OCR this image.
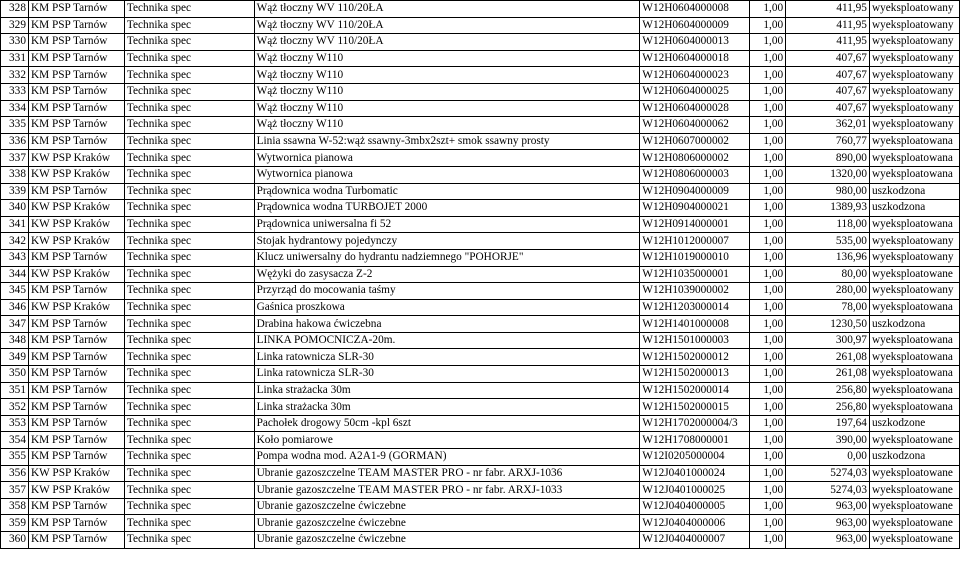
328	KM PSP Tarnów	Technika spec	Wąż tłoczny WV 110/20ŁA	W12H0604000008	1,00	411,95	wyeksploatowany
329	KM PSP Tarnów	Technika spec	Wąż tłoczny WV 110/20ŁA	W12H0604000009	1,00	411,95	wyeksploatowany
330	KM PSP Tarnów	Technika spec	Wąż tłoczny WV 110/20ŁA	W12H0604000013	1,00	411,95	wyeksploatowany
331	KM PSP Tarnów	Technika spec	Wąż tłoczny W110	W12H0604000018	1,00	407,67	wyeksploatowany
332	KM PSP Tarnów	Technika spec	Wąż tłoczny W110	W12H0604000023	1,00	407,67	wyeksploatowany
333	KM PSP Tarnów	Technika spec	Wąż tłoczny W110	W12H0604000025	1,00	407,67	wyeksploatowany
334	KM PSP Tarnów	Technika spec	Wąż tłoczny W110	W12H0604000028	1,00	407,67	wyeksploatowany
335	KM PSP Tarnów	Technika spec	Wąż tłoczny W110	W12H0604000062	1,00	362,01	wyeksploatowany
336	KM PSP Tarnów	Technika spec	Linia ssawna W-52:wąż ssawny-3mbx2szt+ smok ssawny prosty	W12H0607000002	1,00	760,77	wyeksploatowana
337	KW PSP Kraków	Technika spec	Wytwornica pianowa	W12H0806000002	1,00	890,00	wyeksploatowana
338	KW PSP Kraków	Technika spec	Wytwornica pianowa	W12H0806000003	1,00	1320,00	wyeksploatowana
339	KM PSP Tarnów	Technika spec	Prądownica wodna Turbomatic	W12H0904000009	1,00	980,00	uszkodzona
340	KW PSP Kraków	Technika spec	Prądownica wodna TURBOJET 2000	W12H0904000021	1,00	1389,93	uszkodzona
341	KW PSP Kraków	Technika spec	Prądownica uniwersalna fi 52	W12H0914000001	1,00	118,00	wyeksploatowana
342	KW PSP Kraków	Technika spec	Stojak hydrantowy pojedynczy	W12H1012000007	1,00	535,00	wyeksploatowany
343	KM PSP Tarnów	Technika spec	Klucz uniwersalny do hydrantu nadziemnego "POHORJE"	W12H1019000010	1,00	136,96	wyeksploatowany
344	KW PSP Kraków	Technika spec	Wężyki do zasysacza Z-2	W12H1035000001	1,00	80,00	wyeksploatowane
345	KM PSP Tarnów	Technika spec	Przyrząd do mocowania taśmy	W12H1039000002	1,00	280,00	wyeksploatowany
346	KW PSP Kraków	Technika spec	Gaśnica proszkowa	W12H1203000014	1,00	78,00	wyeksploatowana
347	KM PSP Tarnów	Technika spec	Drabina hakowa ćwiczebna	W12H1401000008	1,00	1230,50	uszkodzona
348	KM PSP Tarnów	Technika spec	LINKA POMOCNICZA-20m.	W12H1501000003	1,00	300,97	wyeksploatowana
349	KM PSP Tarnów	Technika spec	Linka ratownicza SLR-30	W12H1502000012	1,00	261,08	wyeksploatowana
350	KM PSP Tarnów	Technika spec	Linka ratownicza SLR-30	W12H1502000013	1,00	261,08	wyeksploatowana
351	KM PSP Tarnów	Technika spec	Linka strażacka 30m	W12H1502000014	1,00	256,80	wyeksploatowana
352	KM PSP Tarnów	Technika spec	Linka strażacka 30m	W12H1502000015	1,00	256,80	wyeksploatowana
353	KM PSP Tarnów	Technika spec	Pachołek drogowy 50cm -kpl 6szt	W12H1702000004/3	1,00	197,64	uszkodzone
354	KM PSP Tarnów	Technika spec	Koło pomiarowe	W12H1708000001	1,00	390,00	wyeksploatowane
355	KM PSP Tarnów	Technika spec	Pompa wodna mod. A2A1-9 (GORMAN)	W12I0205000004	1,00	0,00	uszkodzona
356	KW PSP Kraków	Technika spec	Ubranie gazoszczelne TEAM MASTER PRO - nr fabr. ARXJ-1036	W12J0401000024	1,00	5274,03	wyeksploatowane
357	KW PSP Kraków	Technika spec	Ubranie gazoszczelne TEAM MASTER PRO - nr fabr. ARXJ-1033	W12J0401000025	1,00	5274,03	wyeksploatowane
358	KM PSP Tarnów	Technika spec	Ubranie gazoszczelne ćwiczebne	W12J0404000005	1,00	963,00	wyeksploatowane
359	KM PSP Tarnów	Technika spec	Ubranie gazoszczelne ćwiczebne	W12J0404000006	1,00	963,00	wyeksploatowane
360	KM PSP Tarnów	Technika spec	Ubranie gazoszczelne ćwiczebne	W12J0404000007	1,00	963,00	wyeksploatowane
